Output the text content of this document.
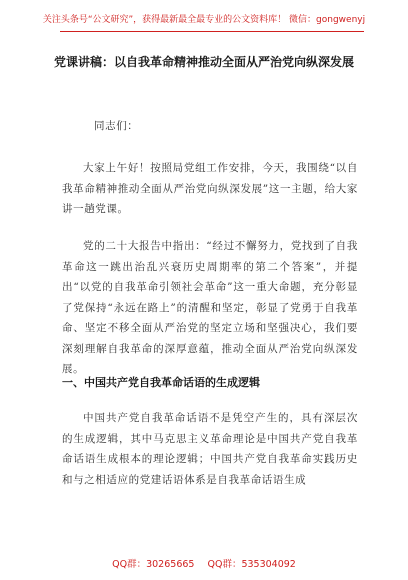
关注头条号“公文研究”，获得最新最全最专业的公文资料库！ 微信：gongwenyj
党课讲稿：以自我革命精神推动全面从严治党向纵深发展
同志们：
大家上午好！按照局党组工作安排，今天，我围绕“以自我革命精神推动全面从严治党向纵深发展”这一主题，给大家讲一趟党课。
党的二十大报告中指出：“经过不懈努力，党找到了自我革命这一跳出治乱兴衰历史周期率的第二个答案”，并提出“以党的自我革命引领社会革命”这一重大命题，充分彰显了党保持“永远在路上”的清醒和坚定，彰显了党勇于自我革命、坚定不移全面从严治党的坚定立场和坚强决心，我们要深刻理解自我革命的深厚意蕴，推动全面从严治党向纵深发展。
一、中国共产党自我革命话语的生成逻辑
中国共产党自我革命话语不是凭空产生的，具有深层次的生成逻辑，其中马克思主义革命理论是中国共产党自我革命话语生成根本的理论逻辑；中国共产党自我革命实践历史和与之相适应的党建话语体系是自我革命话语生成
QQ群：30265665 QQ群：535304092
